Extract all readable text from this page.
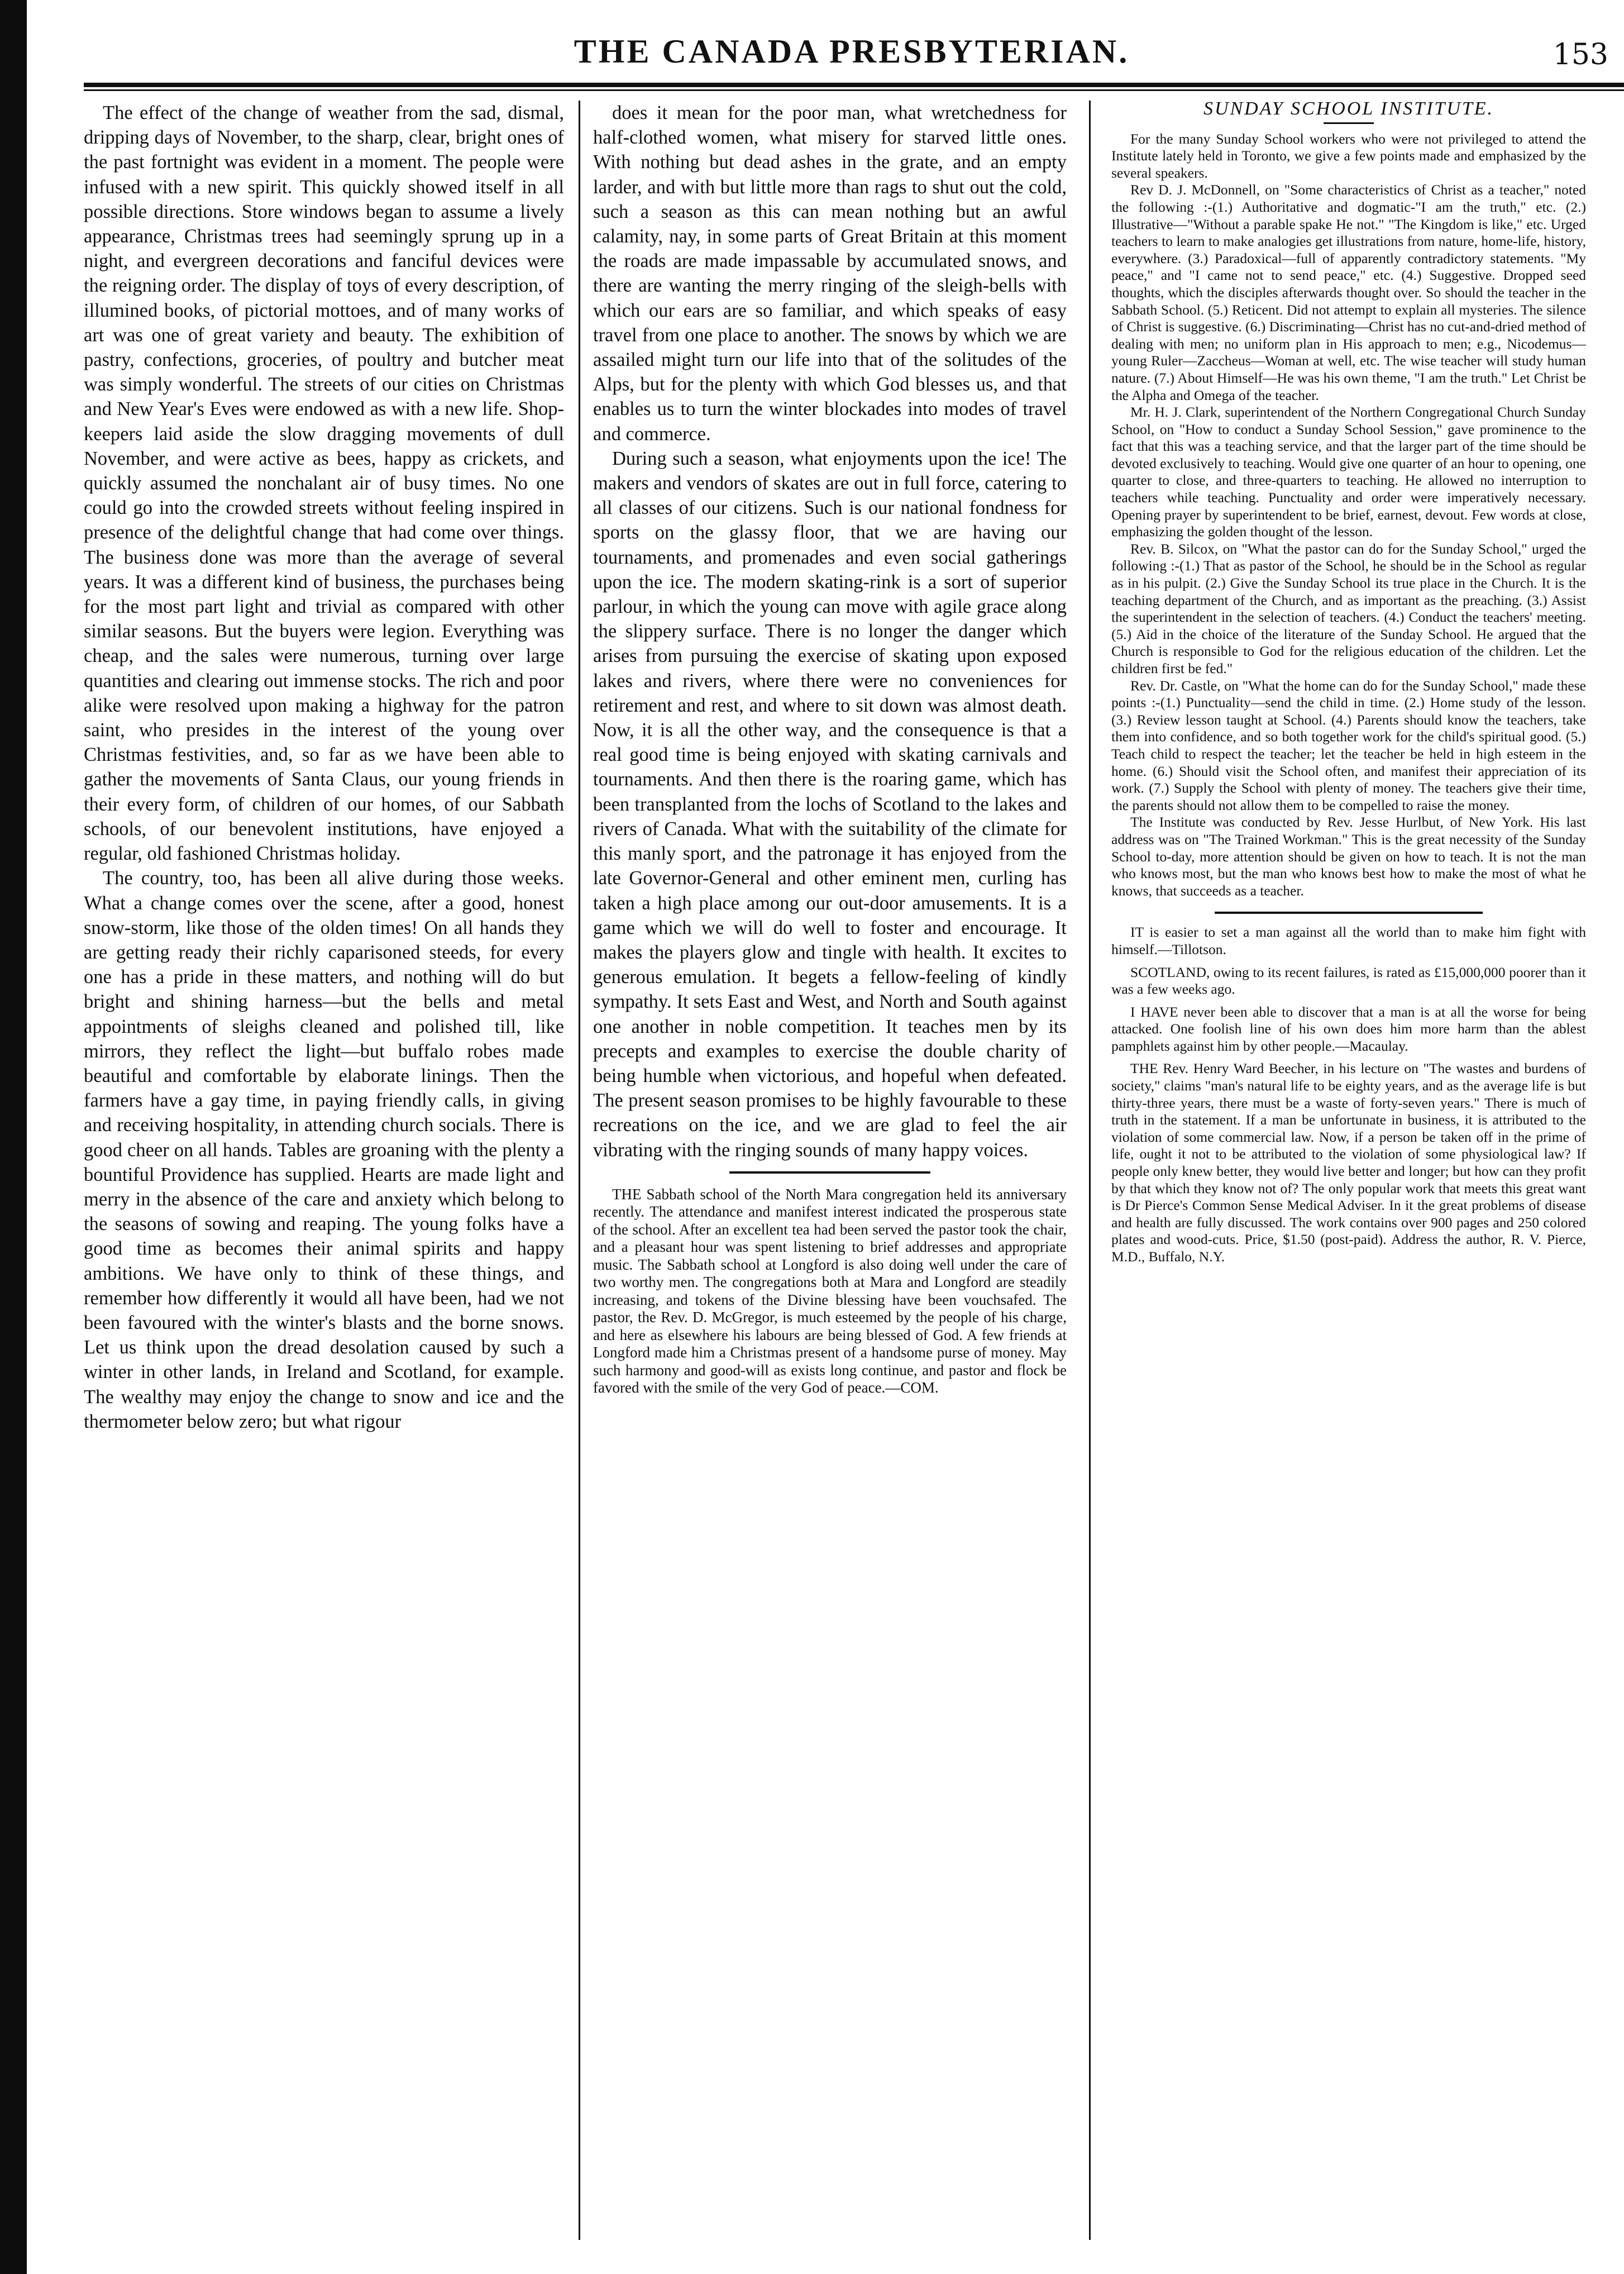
THE CANADA PRESBYTERIAN.	153

The effect of the change of weather from the sad, dismal, dripping days of November, to the sharp, clear, bright ones of the past fortnight was evident in a moment. The people were infused with a new spirit. This quickly showed itself in all possible directions. Store windows began to assume a lively appearance, Christmas trees had seemingly sprung up in a night, and evergreen decorations and fanciful devices were the reigning order. The display of toys of every description, of illumined books, of pictorial mottoes, and of many works of art was one of great variety and beauty. The exhibition of pastry, confections, groceries, of poultry and butcher meat was simply wonderful. The streets of our cities on Christmas and New Year's Eves were endowed as with a new life. Shop-keepers laid aside the slow dragging movements of dull November, and were active as bees, happy as crickets, and quickly assumed the nonchalant air of busy times. No one could go into the crowded streets without feeling inspired in presence of the delightful change that had come over things. The business done was more than the average of several years. It was a different kind of business, the purchases being for the most part light and trivial as compared with other similar seasons. But the buyers were legion. Everything was cheap, and the sales were numerous, turning over large quantities and clearing out immense stocks. The rich and poor alike were resolved upon making a highway for the patron saint, who presides in the interest of the young over Christmas festivities, and, so far as we have been able to gather the movements of Santa Claus, our young friends in their every form, of children of our homes, of our Sabbath schools, of our benevolent institutions, have enjoyed a regular, old fashioned Christmas holiday.

The country, too, has been all alive during those weeks. What a change comes over the scene, after a good, honest snow-storm, like those of the olden times! On all hands they are getting ready their richly caparisoned steeds, for every one has a pride in these matters, and nothing will do but bright and shining harness—but the bells and metal appointments of sleighs cleaned and polished till, like mirrors, they reflect the light—but buffalo robes made beautiful and comfortable by elaborate linings. Then the farmers have a gay time, in paying friendly calls, in giving and receiving hospitality, in attending church socials. There is good cheer on all hands. Tables are groaning with the plenty a bountiful Providence has supplied. Hearts are made light and merry in the absence of the care and anxiety which belong to the seasons of sowing and reaping. The young folks have a good time as becomes their animal spirits and happy ambitions. We have only to think of these things, and remember how differently it would all have been, had we not been favoured with the winter's blasts and the borne snows. Let us think upon the dread desolation caused by such a winter in other lands, in Ireland and Scotland, for example. The wealthy may enjoy the change to snow and ice and the thermometer below zero; but what rigour

does it mean for the poor man, what wretchedness for half-clothed women, what misery for starved little ones. With nothing but dead ashes in the grate, and an empty larder, and with but little more than rags to shut out the cold, such a season as this can mean nothing but an awful calamity, nay, in some parts of Great Britain at this moment the roads are made impassable by accumulated snows, and there are wanting the merry ringing of the sleigh-bells with which our ears are so familiar, and which speaks of easy travel from one place to another. The snows by which we are assailed might turn our life into that of the solitudes of the Alps, but for the plenty with which God blesses us, and that enables us to turn the winter blockades into modes of travel and commerce.

During such a season, what enjoyments upon the ice! The makers and vendors of skates are out in full force, catering to all classes of our citizens. Such is our national fondness for sports on the glassy floor, that we are having our tournaments, and promenades and even social gatherings upon the ice. The modern skating-rink is a sort of superior parlour, in which the young can move with agile grace along the slippery surface. There is no longer the danger which arises from pursuing the exercise of skating upon exposed lakes and rivers, where there were no conveniences for retirement and rest, and where to sit down was almost death. Now, it is all the other way, and the consequence is that a real good time is being enjoyed with skating carnivals and tournaments. And then there is the roaring game, which has been transplanted from the lochs of Scotland to the lakes and rivers of Canada. What with the suitability of the climate for this manly sport, and the patronage it has enjoyed from the late Governor-General and other eminent men, curling has taken a high place among our out-door amusements. It is a game which we will do well to foster and encourage. It makes the players glow and tingle with health. It excites to generous emulation. It begets a fellow-feeling of kindly sympathy. It sets East and West, and North and South against one another in noble competition. It teaches men by its precepts and examples to exercise the double charity of being humble when victorious, and hopeful when defeated. The present season promises to be highly favourable to these recreations on the ice, and we are glad to feel the air vibrating with the ringing sounds of many happy voices.

THE Sabbath school of the North Mara congregation held its anniversary recently. The attendance and manifest interest indicated the prosperous state of the school. After an excellent tea had been served the pastor took the chair, and a pleasant hour was spent listening to brief addresses and appropriate music. The Sabbath school at Longford is also doing well under the care of two worthy men. The congregations both at Mara and Longford are steadily increasing, and tokens of the Divine blessing have been vouchsafed. The pastor, the Rev. D. McGregor, is much esteemed by the people of his charge, and here as elsewhere his labours are being blessed of God. A few friends at Longford made him a Christmas present of a handsome purse of money. May such harmony and good-will as exists long continue, and pastor and flock be favored with the smile of the very God of peace.—COM.

SUNDAY SCHOOL INSTITUTE.

For the many Sunday School workers who were not privileged to attend the Institute lately held in Toronto, we give a few points made and emphasized by the several speakers.

Rev D. J. McDonnell, on "Some characteristics of Christ as a teacher," noted the following :-(1.) Authoritative and dogmatic-"I am the truth," etc. (2.) Illustrative—"Without a parable spake He not." "The Kingdom is like," etc. Urged teachers to learn to make analogies get illustrations from nature, home-life, history, everywhere. (3.) Paradoxical—full of apparently contradictory statements. "My peace," and "I came not to send peace," etc. (4.) Suggestive. Dropped seed thoughts, which the disciples afterwards thought over. So should the teacher in the Sabbath School. (5.) Reticent. Did not attempt to explain all mysteries. The silence of Christ is suggestive. (6.) Discriminating—Christ has no cut-and-dried method of dealing with men; no uniform plan in His approach to men; e.g., Nicodemus—young Ruler—Zaccheus—Woman at well, etc. The wise teacher will study human nature. (7.) About Himself—He was his own theme, "I am the truth." Let Christ be the Alpha and Omega of the teacher.

Mr. H. J. Clark, superintendent of the Northern Congregational Church Sunday School, on "How to conduct a Sunday School Session," gave prominence to the fact that this was a teaching service, and that the larger part of the time should be devoted exclusively to teaching. Would give one quarter of an hour to opening, one quarter to close, and three-quarters to teaching. He allowed no interruption to teachers while teaching. Punctuality and order were imperatively necessary. Opening prayer by superintendent to be brief, earnest, devout. Few words at close, emphasizing the golden thought of the lesson.

Rev. B. Silcox, on "What the pastor can do for the Sunday School," urged the following :-(1.) That as pastor of the School, he should be in the School as regular as in his pulpit. (2.) Give the Sunday School its true place in the Church. It is the teaching department of the Church, and as important as the preaching. (3.) Assist the superintendent in the selection of teachers. (4.) Conduct the teachers' meeting. (5.) Aid in the choice of the literature of the Sunday School. He argued that the Church is responsible to God for the religious education of the children. Let the children first be fed."

Rev. Dr. Castle, on "What the home can do for the Sunday School," made these points :-(1.) Punctuality—send the child in time. (2.) Home study of the lesson. (3.) Review lesson taught at School. (4.) Parents should know the teachers, take them into confidence, and so both together work for the child's spiritual good. (5.) Teach child to respect the teacher; let the teacher be held in high esteem in the home. (6.) Should visit the School often, and manifest their appreciation of its work. (7.) Supply the School with plenty of money. The teachers give their time, the parents should not allow them to be compelled to raise the money.

The Institute was conducted by Rev. Jesse Hurlbut, of New York. His last address was on "The Trained Workman." This is the great necessity of the Sunday School to-day, more attention should be given on how to teach. It is not the man who knows most, but the man who knows best how to make the most of what he knows, that succeeds as a teacher.

IT is easier to set a man against all the world than to make him fight with himself.—Tillotson.

SCOTLAND, owing to its recent failures, is rated as £15,000,000 poorer than it was a few weeks ago.

I HAVE never been able to discover that a man is at all the worse for being attacked. One foolish line of his own does him more harm than the ablest pamphlets against him by other people.—Macaulay.

THE Rev. Henry Ward Beecher, in his lecture on "The wastes and burdens of society," claims "man's natural life to be eighty years, and as the average life is but thirty-three years, there must be a waste of forty-seven years." There is much of truth in the statement. If a man be unfortunate in business, it is attributed to the violation of some commercial law. Now, if a person be taken off in the prime of life, ought it not to be attributed to the violation of some physiological law? If people only knew better, they would live better and longer; but how can they profit by that which they know not of? The only popular work that meets this great want is Dr Pierce's Common Sense Medical Adviser. In it the great problems of disease and health are fully discussed. The work contains over 900 pages and 250 colored plates and wood-cuts. Price, $1.50 (post-paid). Address the author, R. V. Pierce, M.D., Buffalo, N.Y.
